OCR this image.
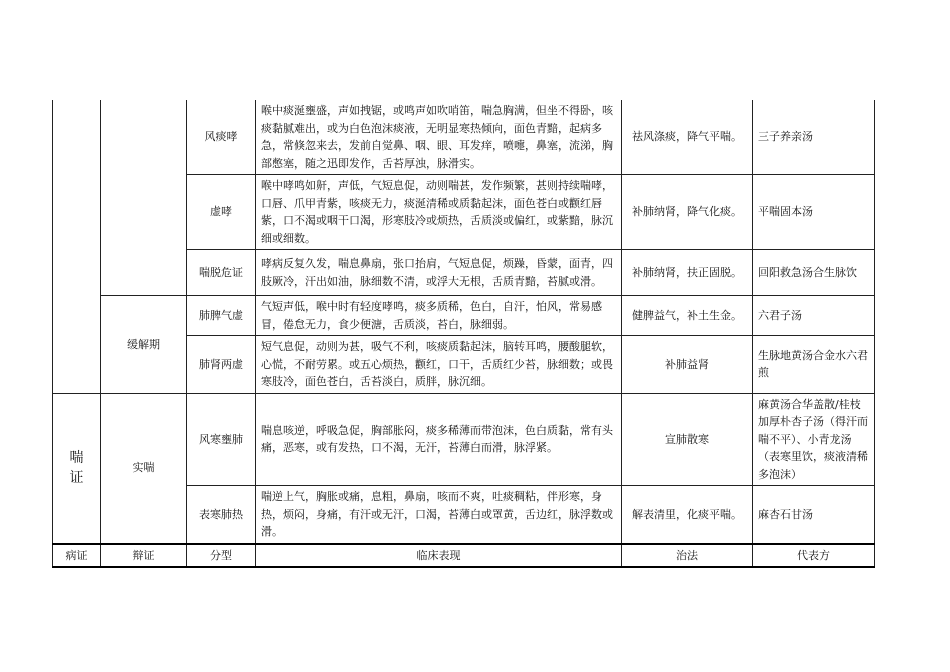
		风痰哮	喉中痰涎壅盛，声如拽锯，或鸣声如吹哨笛，喘急胸满，但坐不得卧，咳痰黏腻难出，或为白色泡沫痰液，无明显寒热倾向，面色青黯，起病多急，常倏忽来去，发前自觉鼻、咽、眼、耳发痒，喷嚏，鼻塞，流涕，胸部憋塞，随之迅即发作，舌苔厚浊，脉滑实。	祛风涤痰，降气平喘。	三子养亲汤
		虚哮	喉中哮鸣如鼾，声低，气短息促，动则喘甚，发作频繁，甚则持续喘哮，口唇、爪甲青紫，咳痰无力，痰涎清稀或质黏起沫，面色苍白或颧红唇紫，口不渴或咽干口渴，形寒肢冷或烦热，舌质淡或偏红，或紫黯，脉沉细或细数。	补肺纳肾，降气化痰。	平喘固本汤
		喘脱危证	哮病反复久发，喘息鼻扇，张口抬肩，气短息促，烦躁，昏蒙，面青，四肢厥冷，汗出如油，脉细数不清，或浮大无根，舌质青黯，苔腻或滑。	补肺纳肾，扶正固脱。	回阳救急汤合生脉饮
	缓解期	肺脾气虚	气短声低，喉中时有轻度哮鸣，痰多质稀，色白，自汗，怕风，常易感冒，倦怠无力，食少便溏，舌质淡，苔白，脉细弱。	健脾益气，补土生金。	六君子汤
		肺肾两虚	短气息促，动则为甚，吸气不利，咳痰质黏起沫，脑转耳鸣，腰酸腿软，心慌，不耐劳累。或五心烦热，颧红，口干，舌质红少苔，脉细数；或畏寒肢冷，面色苍白，舌苔淡白，质胖，脉沉细。	补肺益肾	生脉地黄汤合金水六君煎
喘
证	实喘	风寒壅肺	喘息咳逆，呼吸急促，胸部胀闷，痰多稀薄而带泡沫，色白质黏，常有头痛，恶寒，或有发热，口不渴，无汗，苔薄白而滑，脉浮紧。	宣肺散寒	麻黄汤合华盖散/桂枝加厚朴杏子汤（得汗而喘不平）、小青龙汤（表寒里饮，痰液清稀多泡沫）
		表寒肺热	喘逆上气，胸胀或痛，息粗，鼻扇，咳而不爽，吐痰稠粘，伴形寒，身热，烦闷，身痛，有汗或无汗，口渴，苔薄白或罩黄，舌边红，脉浮数或滑。	解表清里，化痰平喘。	麻杏石甘汤
病证	辩证	分型	临床表现	治法	代表方
